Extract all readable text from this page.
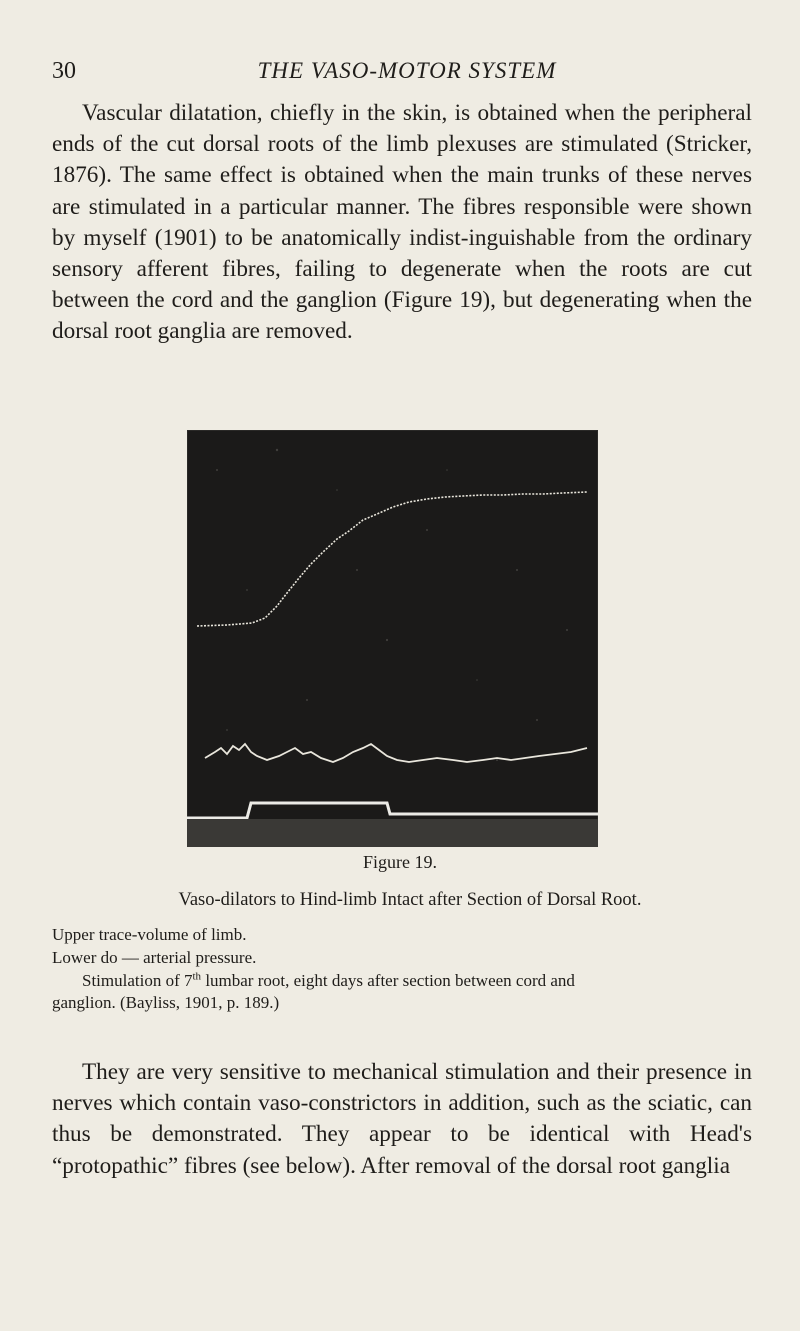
30	THE VASO-MOTOR SYSTEM

Vascular dilatation, chiefly in the skin, is obtained when the peripheral ends of the cut dorsal roots of the limb plexuses are stimulated (Stricker, 1876). The same effect is obtained when the main trunks of these nerves are stimulated in a particular manner. The fibres responsible were shown by myself (1901) to be anatomically indist-inguishable from the ordinary sensory afferent fibres, failing to degenerate when the roots are cut between the cord and the ganglion (Figure 19), but degenerating when the dorsal root ganglia are removed.

Figure 19.
Vaso-dilators to Hind-limb Intact after Section of Dorsal Root.
Upper trace-volume of limb.
Lower do — arterial pressure.
Stimulation of 7th lumbar root, eight days after section between cord and
ganglion. (Bayliss, 1901, p. 189.)

They are very sensitive to mechanical stimulation and their presence in nerves which contain vaso-constrictors in addition, such as the sciatic, can thus be demonstrated. They appear to be identical with Head's “protopathic” fibres (see below). After removal of the dorsal root ganglia
